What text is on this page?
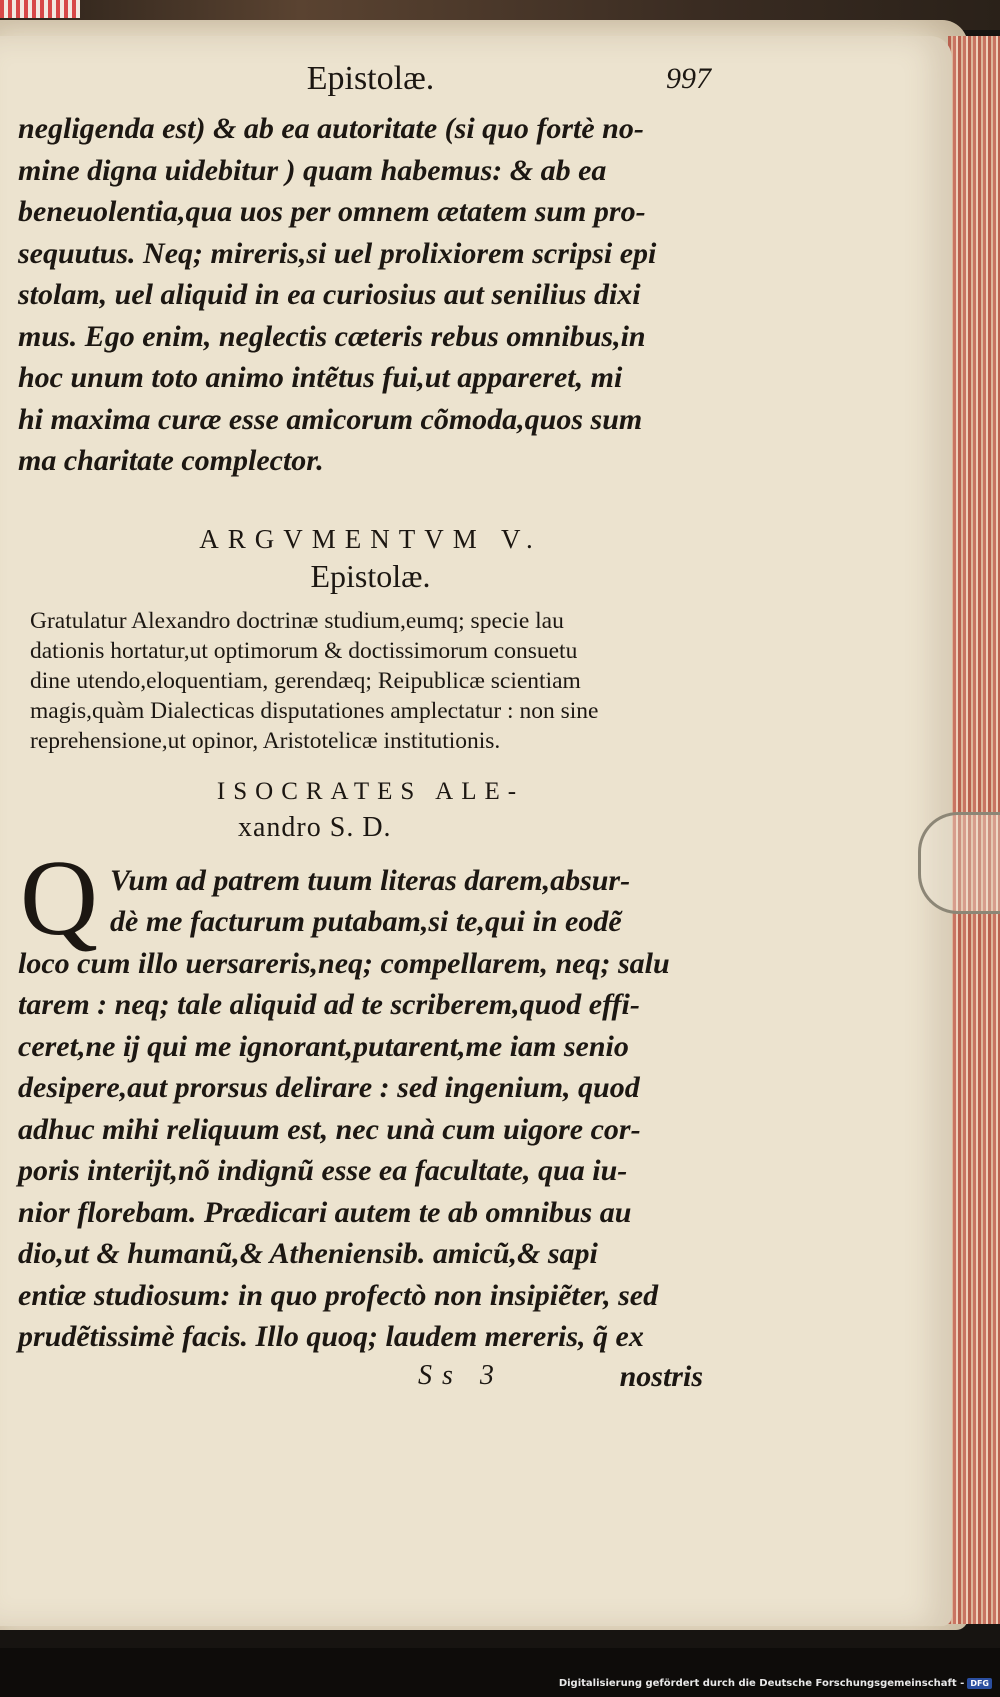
Epistolæ.	997

negligenda est) & ab ea autoritate (si quo fortè no-

mine digna uidebitur ) quam habemus: & ab ea

beneuolentia,qua uos per omnem ætatem sum pro-

sequutus. Neq; mireris,si uel prolixiorem scripsi epi

stolam, uel aliquid in ea curiosius aut senilius dixi

mus. Ego enim, neglectis cæteris rebus omnibus,in

hoc unum toto animo intẽtus fui,ut appareret, mi

hi maxima curæ esse amicorum cõmoda,quos sum

ma charitate complector.

ARGVMENTVM V.
Epistolæ.

Gratulatur Alexandro doctrinæ studium,eumq; specie lau

dationis hortatur,ut optimorum & doctissimorum consuetu

dine utendo,eloquentiam, gerendæq; Reipublicæ scientiam

magis,quàm Dialecticas disputationes amplectatur : non sine

reprehensione,ut opinor, Aristotelicæ institutionis.

ISOCRATES ALE-
xandro S. D.
Q Vum ad patrem tuum literas darem,absur-

dè me facturum putabam,si te,qui in eodẽ

loco cum illo uersareris,neq; compellarem, neq; salu

tarem : neq; tale aliquid ad te scriberem,quod effi-

ceret,ne ij qui me ignorant,putarent,me iam senio

desipere,aut prorsus delirare : sed ingenium, quod

adhuc mihi reliquum est, nec unà cum uigore cor-

poris interijt,nõ indignũ esse ea facultate, qua iu-

nior florebam. Prædicari autem te ab omnibus au

dio,ut & humanũ,& Atheniensib. amicũ,& sapi

entiæ studiosum: in quo profectò non insipiẽter, sed

prudẽtissimè facis. Illo quoq; laudem mereris, q̃ ex

Ss 3	nostris
Digitalisierung gefördert durch die Deutsche Forschungsgemeinschaft - DFG
